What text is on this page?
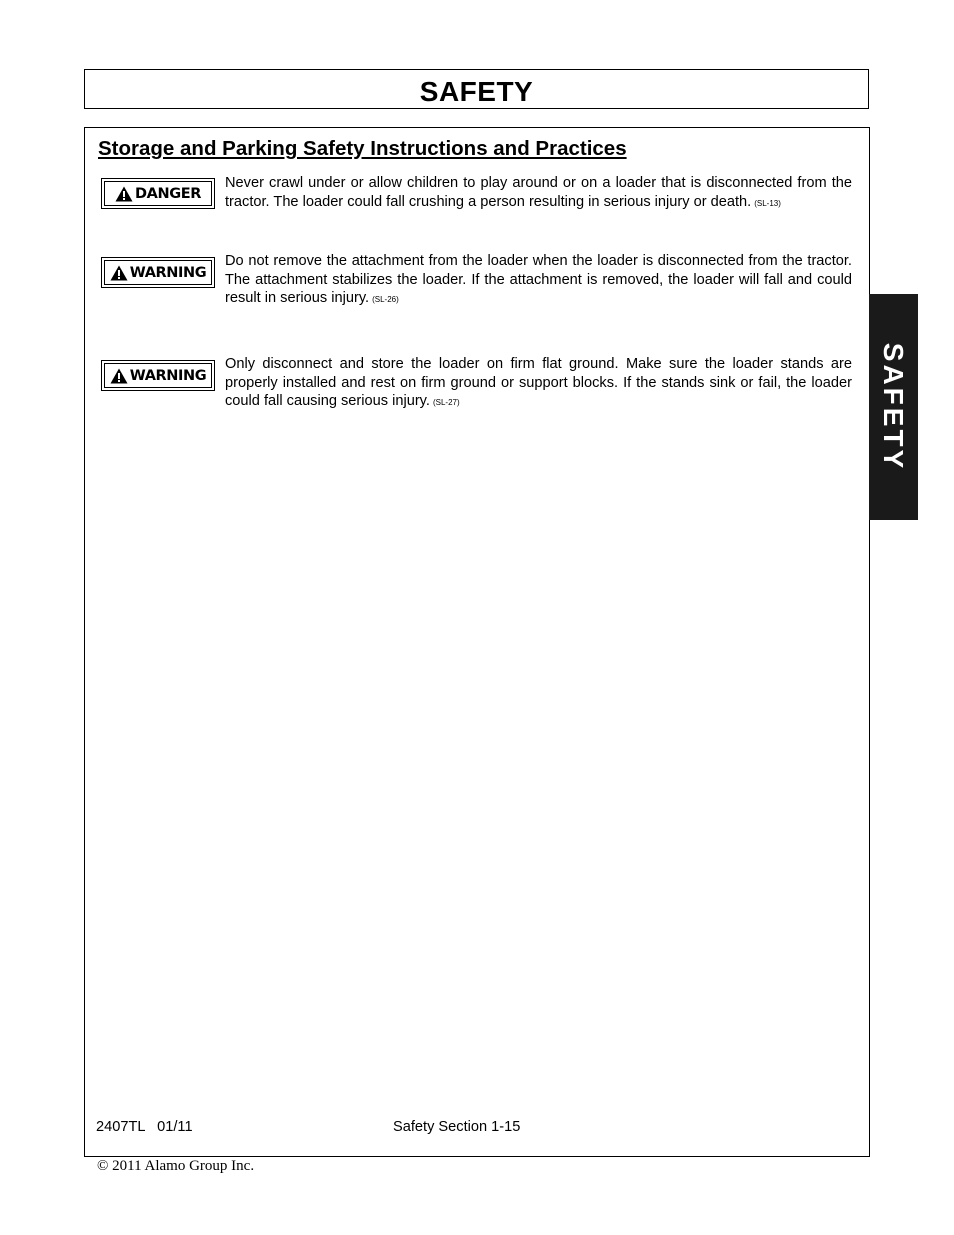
SAFETY
Storage and Parking Safety Instructions and Practices
DANGER

Never crawl under or allow children to play around or on a loader that is disconnected from the tractor. The loader could fall crushing a person resulting in serious injury or death. (SL-13)

WARNING

Do not remove the attachment from the loader when the loader is disconnected from the tractor. The attachment stabilizes the loader. If the attachment is removed, the loader will fall and could result in serious injury. (SL-26)

WARNING

Only disconnect and store the loader on firm flat ground. Make sure the loader stands are properly installed and rest on firm ground or support blocks. If the stands sink or fail, the loader could fall causing serious injury. (SL-27)

2407TL   01/11	Safety Section 1-15
© 2011 Alamo Group Inc.
SAFETY
